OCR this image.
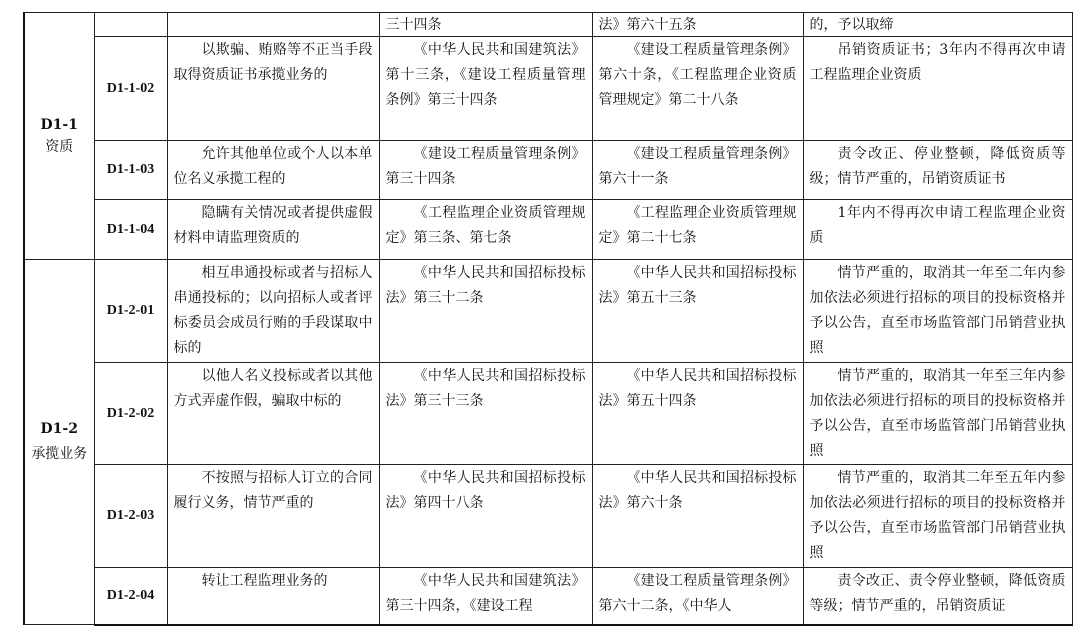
D1-1
资质			三十四条	法》第六十五条	的，予以取缔
	D1-1-02	以欺骗、贿赂等不正当手段取得资质证书承揽业务的	《中华人民共和国建筑法》第十三条，《建设工程质量管理条例》第三十四条	《建设工程质量管理条例》第六十条，《工程监理企业资质管理规定》第二十八条	吊销资质证书；3年内不得再次申请工程监理企业资质
	D1-1-03	允许其他单位或个人以本单位名义承揽工程的	《建设工程质量管理条例》第三十四条	《建设工程质量管理条例》第六十一条	责令改正、停业整顿，降低资质等级；情节严重的，吊销资质证书
	D1-1-04	隐瞒有关情况或者提供虚假材料申请监理资质的	《工程监理企业资质管理规定》第三条、第七条	《工程监理企业资质管理规定》第二十七条	1年内不得再次申请工程监理企业资质

D1-2
承揽业务	D1-2-01	相互串通投标或者与招标人串通投标的；以向招标人或者评标委员会成员行贿的手段谋取中标的	《中华人民共和国招标投标法》第三十二条	《中华人民共和国招标投标法》第五十三条	情节严重的，取消其一年至二年内参加依法必须进行招标的项目的投标资格并予以公告，直至市场监管部门吊销营业执照
	D1-2-02	以他人名义投标或者以其他方式弄虚作假，骗取中标的	《中华人民共和国招标投标法》第三十三条	《中华人民共和国招标投标法》第五十四条	情节严重的，取消其一年至三年内参加依法必须进行招标的项目的投标资格并予以公告，直至市场监管部门吊销营业执照
	D1-2-03	不按照与招标人订立的合同履行义务，情节严重的	《中华人民共和国招标投标法》第四十八条	《中华人民共和国招标投标法》第六十条	情节严重的，取消其二年至五年内参加依法必须进行招标的项目的投标资格并予以公告，直至市场监管部门吊销营业执照
	D1-2-04	转让工程监理业务的	《中华人民共和国建筑法》第三十四条，《建设工程	《建设工程质量管理条例》第六十二条，《中华人	责令改正、责令停业整顿，降低资质等级；情节严重的，吊销资质证
